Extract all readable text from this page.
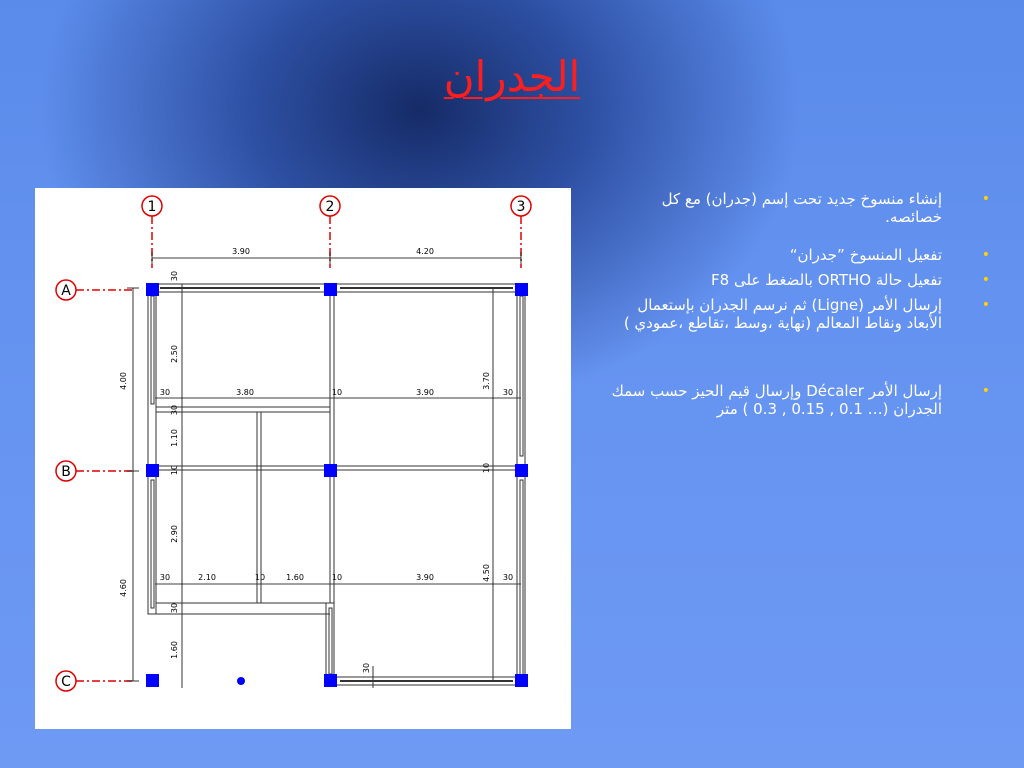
الجدران
1	2	3
A
B
C
3.90	4.20
4.00
4.60
30
2.50
30
1.10
10
2.90
30
1.60
3.70
10
4.50
30	3.80	10	3.90	30
30	2.10	10	1.60	10	3.90	30
30
•
إنشاء منسوخ جديد تحت إسم (جدران) مع كل خصائصه.
•
تفعيل المنسوخ ”جدران“
•
تفعيل حالة ORTHO بالضغط على F8
•
إرسال الأمر (Ligne) ثم نرسم الجدران بإستعمال الأبعاد ونقاط المعالم (نهاية ،وسط ،تقاطع ،عمودي )
•
إرسال الأمر Décaler وإرسال قيم الحيز حسب سمك الجدران (… 0.1 , 0.15 , 0.3 ) متر
